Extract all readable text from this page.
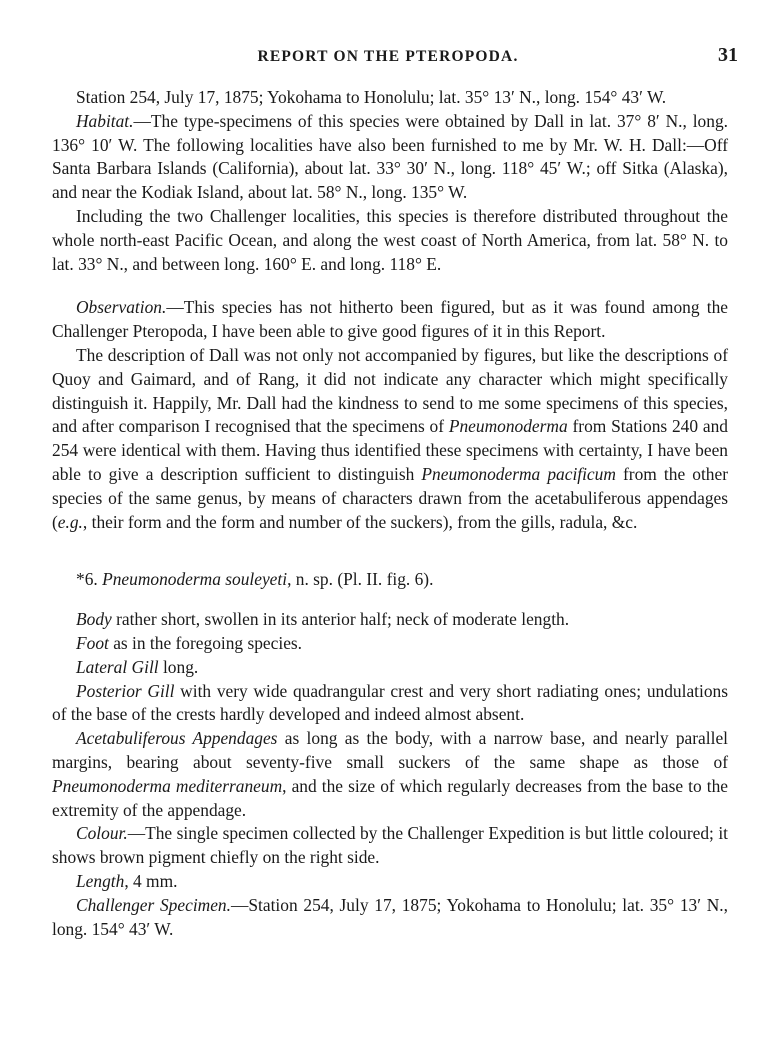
REPORT ON THE PTEROPODA.	31

Station 254, July 17, 1875; Yokohama to Honolulu; lat. 35° 13′ N., long. 154° 43′ W.

Habitat.—The type-specimens of this species were obtained by Dall in lat. 37° 8′ N., long. 136° 10′ W. The following localities have also been furnished to me by Mr. W. H. Dall:—Off Santa Barbara Islands (California), about lat. 33° 30′ N., long. 118° 45′ W.; off Sitka (Alaska), and near the Kodiak Island, about lat. 58° N., long. 135° W.

Including the two Challenger localities, this species is therefore distributed throughout the whole north-east Pacific Ocean, and along the west coast of North America, from lat. 58° N. to lat. 33° N., and between long. 160° E. and long. 118° E.

Observation.—This species has not hitherto been figured, but as it was found among the Challenger Pteropoda, I have been able to give good figures of it in this Report.

The description of Dall was not only not accompanied by figures, but like the descriptions of Quoy and Gaimard, and of Rang, it did not indicate any character which might specifically distinguish it. Happily, Mr. Dall had the kindness to send to me some specimens of this species, and after comparison I recognised that the specimens of Pneumonoderma from Stations 240 and 254 were identical with them. Having thus identified these specimens with certainty, I have been able to give a description sufficient to distinguish Pneumonoderma pacificum from the other species of the same genus, by means of characters drawn from the acetabuliferous appendages (e.g., their form and the form and number of the suckers), from the gills, radula, &c.

*6. Pneumonoderma souleyeti, n. sp. (Pl. II. fig. 6).

Body rather short, swollen in its anterior half; neck of moderate length.

Foot as in the foregoing species.

Lateral Gill long.

Posterior Gill with very wide quadrangular crest and very short radiating ones; undulations of the base of the crests hardly developed and indeed almost absent.

Acetabuliferous Appendages as long as the body, with a narrow base, and nearly parallel margins, bearing about seventy-five small suckers of the same shape as those of Pneumonoderma mediterraneum, and the size of which regularly decreases from the base to the extremity of the appendage.

Colour.—The single specimen collected by the Challenger Expedition is but little coloured; it shows brown pigment chiefly on the right side.

Length, 4 mm.

Challenger Specimen.—Station 254, July 17, 1875; Yokohama to Honolulu; lat. 35° 13′ N., long. 154° 43′ W.
